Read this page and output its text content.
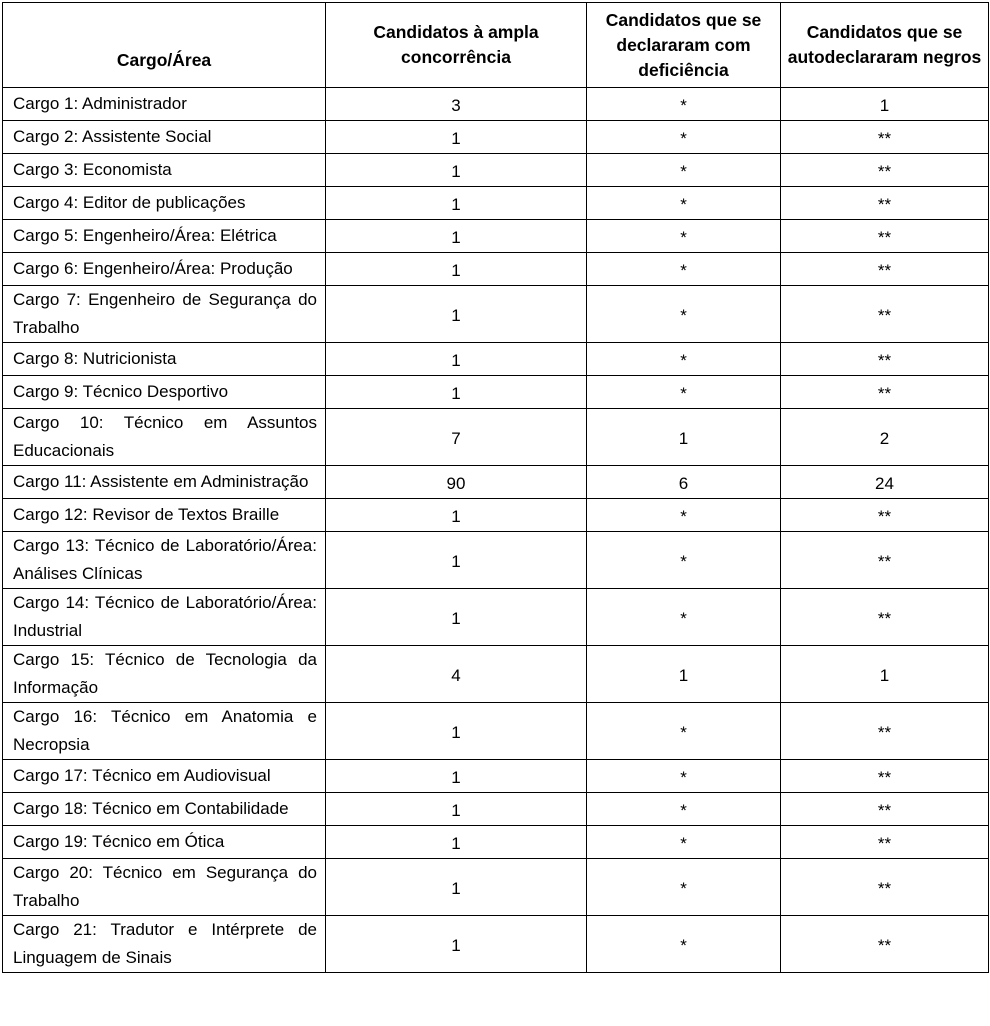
Cargo/Área	Candidatos à ampla concorrência	Candidatos que se declararam com deficiência	Candidatos que se autodeclararam negros
Cargo 1: Administrador	3	*	1
Cargo 2: Assistente Social	1	*	**
Cargo 3: Economista	1	*	**
Cargo 4: Editor de publicações	1	*	**
Cargo 5: Engenheiro/Área: Elétrica	1	*	**
Cargo 6: Engenheiro/Área: Produção	1	*	**
Cargo 7: Engenheiro de Segurança do Trabalho	1	*	**
Cargo 8: Nutricionista	1	*	**
Cargo 9: Técnico Desportivo	1	*	**
Cargo 10: Técnico em Assuntos Educacionais	7	1	2
Cargo 11: Assistente em Administração	90	6	24
Cargo 12: Revisor de Textos Braille	1	*	**
Cargo 13: Técnico de Laboratório/Área: Análises Clínicas	1	*	**
Cargo 14: Técnico de Laboratório/Área: Industrial	1	*	**
Cargo 15: Técnico de Tecnologia da Informação	4	1	1
Cargo 16: Técnico em Anatomia e Necropsia	1	*	**
Cargo 17: Técnico em Audiovisual	1	*	**
Cargo 18: Técnico em Contabilidade	1	*	**
Cargo 19: Técnico em Ótica	1	*	**
Cargo 20: Técnico em Segurança do Trabalho	1	*	**
Cargo 21: Tradutor e Intérprete de Linguagem de Sinais	1	*	**
